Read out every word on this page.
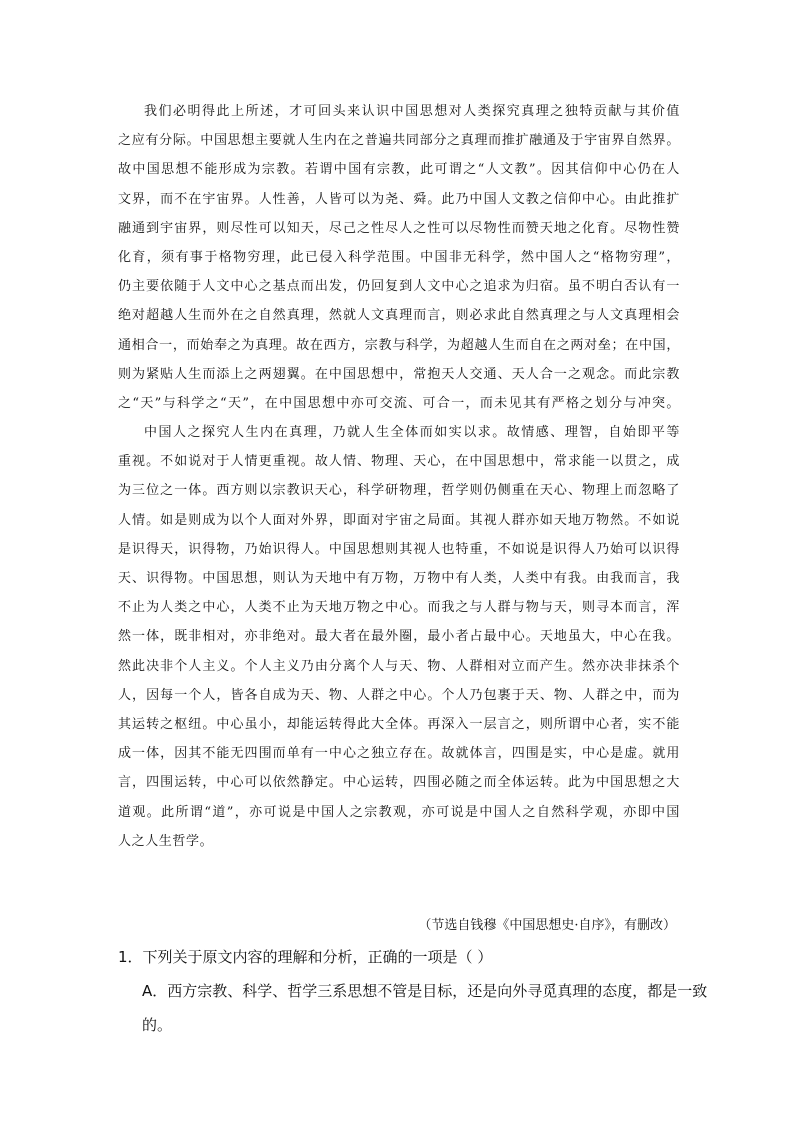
我们必明得此上所述，才可回头来认识中国思想对人类探究真理之独特贡献与其价值
之应有分际。中国思想主要就人生内在之普遍共同部分之真理而推扩融通及于宇宙界自然界。
故中国思想不能形成为宗教。若谓中国有宗教，此可谓之“人文教”。因其信仰中心仍在人
文界，而不在宇宙界。人性善，人皆可以为尧、舜。此乃中国人文教之信仰中心。由此推扩
融通到宇宙界，则尽性可以知天，尽己之性尽人之性可以尽物性而赞天地之化育。尽物性赞
化育，须有事于格物穷理，此已侵入科学范围。中国非无科学，然中国人之“格物穷理”，
仍主要依随于人文中心之基点而出发，仍回复到人文中心之追求为归宿。虽不明白否认有一
绝对超越人生而外在之自然真理，然就人文真理而言，则必求此自然真理之与人文真理相会
通相合一，而始奉之为真理。故在西方，宗教与科学，为超越人生而自在之两对垒；在中国，
则为紧贴人生而添上之两翅翼。在中国思想中，常抱天人交通、天人合一之观念。而此宗教
之“天”与科学之“天”，在中国思想中亦可交流、可合一，而未见其有严格之划分与冲突。
中国人之探究人生内在真理，乃就人生全体而如实以求。故情感、理智，自始即平等
重视。不如说对于人情更重视。故人情、物理、天心，在中国思想中，常求能一以贯之，成
为三位之一体。西方则以宗教识天心，科学研物理，哲学则仍侧重在天心、物理上而忽略了
人情。如是则成为以个人面对外界，即面对宇宙之局面。其视人群亦如天地万物然。不如说
是识得天，识得物，乃始识得人。中国思想则其视人也特重，不如说是识得人乃始可以识得
天、识得物。中国思想，则认为天地中有万物，万物中有人类，人类中有我。由我而言，我
不止为人类之中心，人类不止为天地万物之中心。而我之与人群与物与天，则寻本而言，浑
然一体，既非相对，亦非绝对。最大者在最外圈，最小者占最中心。天地虽大，中心在我。
然此决非个人主义。个人主义乃由分离个人与天、物、人群相对立而产生。然亦决非抹杀个
人，因每一个人，皆各自成为天、物、人群之中心。个人乃包裹于天、物、人群之中，而为
其运转之枢纽。中心虽小，却能运转得此大全体。再深入一层言之，则所谓中心者，实不能
成一体，因其不能无四围而单有一中心之独立存在。故就体言，四围是实，中心是虚。就用
言，四围运转，中心可以依然静定。中心运转，四围必随之而全体运转。此为中国思想之大
道观。此所谓“道”，亦可说是中国人之宗教观，亦可说是中国人之自然科学观，亦即中国
人之人生哲学。
（节选自钱穆《中国思想史·自序》，有删改）
1．下列关于原文内容的理解和分析，正确的一项是（ ）
A．西方宗教、科学、哲学三系思想不管是目标，还是向外寻觅真理的态度，都是一致
的。
